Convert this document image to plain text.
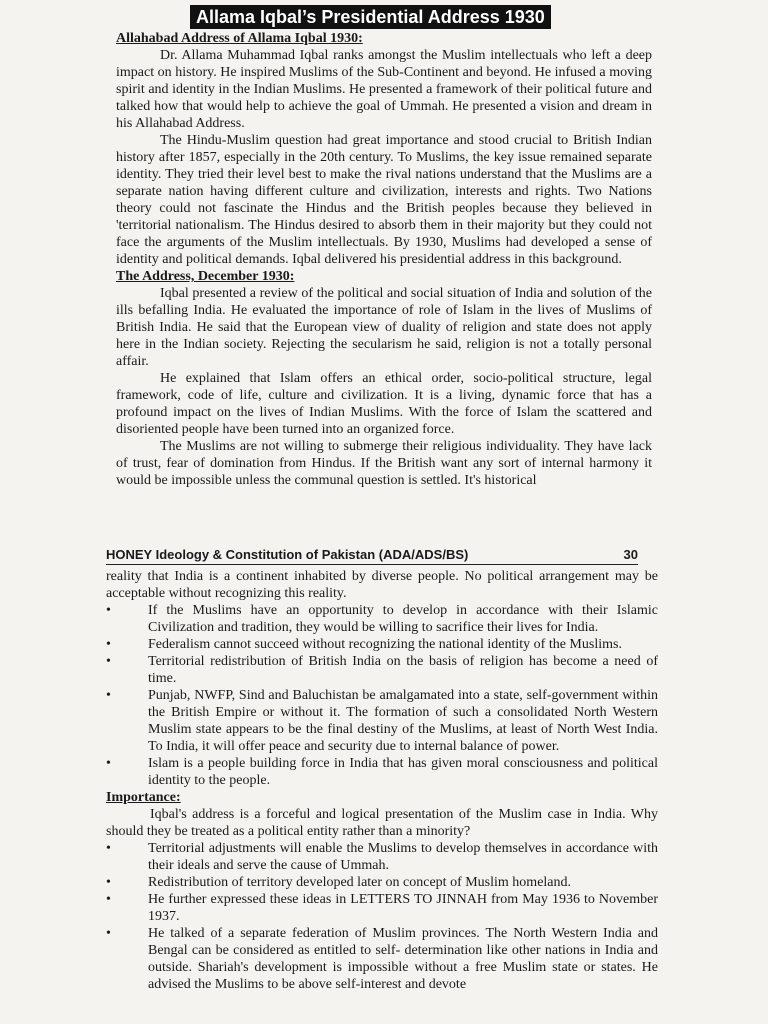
Allama Iqbal’s Presidential Address 1930

Allahabad Address of Allama Iqbal 1930:

Dr. Allama Muhammad Iqbal ranks amongst the Muslim intellectuals who left a deep impact on history. He inspired Muslims of the Sub-Continent and beyond. He infused a moving spirit and identity in the Indian Muslims. He presented a framework of their political future and talked how that would help to achieve the goal of Ummah. He presented a vision and dream in his Allahabad Address.

The Hindu-Muslim question had great importance and stood crucial to British Indian history after 1857, especially in the 20th century. To Muslims, the key issue remained separate identity. They tried their level best to make the rival nations understand that the Muslims are a separate nation having different culture and civilization, interests and rights. Two Nations theory could not fascinate the Hindus and the British peoples because they believed in 'territorial nationalism. The Hindus desired to absorb them in their majority but they could not face the arguments of the Muslim intellectuals. By 1930, Muslims had developed a sense of identity and political demands. Iqbal delivered his presidential address in this background.

The Address, December 1930:

Iqbal presented a review of the political and social situation of India and solution of the ills befalling India. He evaluated the importance of role of Islam in the lives of Muslims of British India. He said that the European view of duality of religion and state does not apply here in the Indian society. Rejecting the secularism he said, religion is not a totally personal affair.

He explained that Islam offers an ethical order, socio-political structure, legal framework, code of life, culture and civilization. It is a living, dynamic force that has a profound impact on the lives of Indian Muslims. With the force of Islam the scattered and disoriented people have been turned into an organized force.

The Muslims are not willing to submerge their religious individuality. They have lack of trust, fear of domination from Hindus. If the British want any sort of internal harmony it would be impossible unless the communal question is settled. It's historical

HONEY Ideology & Constitution of Pakistan (ADA/ADS/BS)	30

reality that India is a continent inhabited by diverse people. No political arrangement may be acceptable without recognizing this reality.

• If the Muslims have an opportunity to develop in accordance with their Islamic Civilization and tradition, they would be willing to sacrifice their lives for India.
• Federalism cannot succeed without recognizing the national identity of the Muslims.
• Territorial redistribution of British India on the basis of religion has become a need of time.
• Punjab, NWFP, Sind and Baluchistan be amalgamated into a state, self-government within the British Empire or without it. The formation of such a consolidated North Western Muslim state appears to be the final destiny of the Muslims, at least of North West India. To India, it will offer peace and security due to internal balance of power.
• Islam is a people building force in India that has given moral consciousness and political identity to the people.

Importance:

Iqbal's address is a forceful and logical presentation of the Muslim case in India. Why should they be treated as a political entity rather than a minority?

• Territorial adjustments will enable the Muslims to develop themselves in accordance with their ideals and serve the cause of Ummah.
• Redistribution of territory developed later on concept of Muslim homeland.
• He further expressed these ideas in LETTERS TO JINNAH from May 1936 to November 1937.
• He talked of a separate federation of Muslim provinces. The North Western India and Bengal can be considered as entitled to self- determination like other nations in India and outside. Shariah's development is impossible without a free Muslim state or states. He advised the Muslims to be above self-interest and devote
